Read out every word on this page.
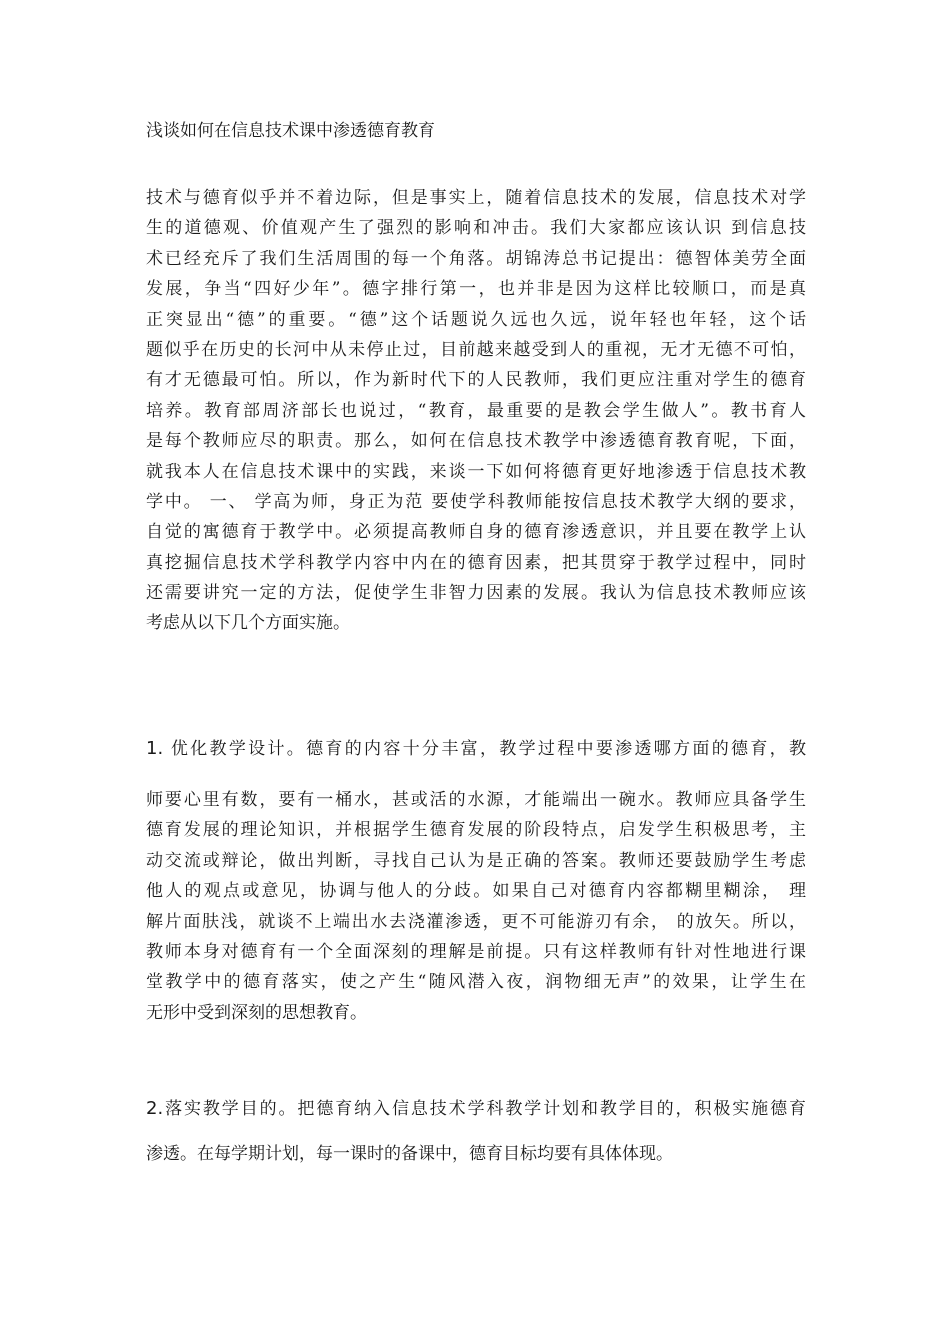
浅谈如何在信息技术课中渗透德育教育
技术与德育似乎并不着边际，但是事实上，随着信息技术的发展，信息技术对学
生的道德观、价值观产生了强烈的影响和冲击。我们大家都应该认识 到信息技
术已经充斥了我们生活周围的每一个角落。胡锦涛总书记提出：德智体美劳全面
发展，争当“四好少年”。德字排行第一，也并非是因为这样比较顺口，而是真
正突显出“德”的重要。“德”这个话题说久远也久远，说年轻也年轻，这个话
题似乎在历史的长河中从未停止过，目前越来越受到人的重视，无才无德不可怕，
有才无德最可怕。所以，作为新时代下的人民教师，我们更应注重对学生的德育
培养。教育部周济部长也说过，“教育，最重要的是教会学生做人”。教书育人
是每个教师应尽的职责。那么，如何在信息技术教学中渗透德育教育呢，下面，
就我本人在信息技术课中的实践，来谈一下如何将德育更好地渗透于信息技术教
学中。 一、 学高为师，身正为范 要使学科教师能按信息技术教学大纲的要求，
自觉的寓德育于教学中。必须提高教师自身的德育渗透意识，并且要在教学上认
真挖掘信息技术学科教学内容中内在的德育因素，把其贯穿于教学过程中，同时
还需要讲究一定的方法，促使学生非智力因素的发展。我认为信息技术教师应该
考虑从以下几个方面实施。
1. 优化教学设计。德育的内容十分丰富，教学过程中要渗透哪方面的德育，教
师要心里有数，要有一桶水，甚或活的水源，才能端出一碗水。教师应具备学生
德育发展的理论知识，并根据学生德育发展的阶段特点，启发学生积极思考，主
动交流或辩论，做出判断，寻找自己认为是正确的答案。教师还要鼓励学生考虑
他人的观点或意见，协调与他人的分歧。如果自己对德育内容都糊里糊涂， 理
解片面肤浅，就谈不上端出水去浇灌渗透，更不可能游刃有余， 的放矢。所以，
教师本身对德育有一个全面深刻的理解是前提。只有这样教师有针对性地进行课
堂教学中的德育落实，使之产生“随风潜入夜，润物细无声”的效果，让学生在
无形中受到深刻的思想教育。
2.落实教学目的。把德育纳入信息技术学科教学计划和教学目的，积极实施德育
渗透。在每学期计划，每一课时的备课中，德育目标均要有具体体现。
